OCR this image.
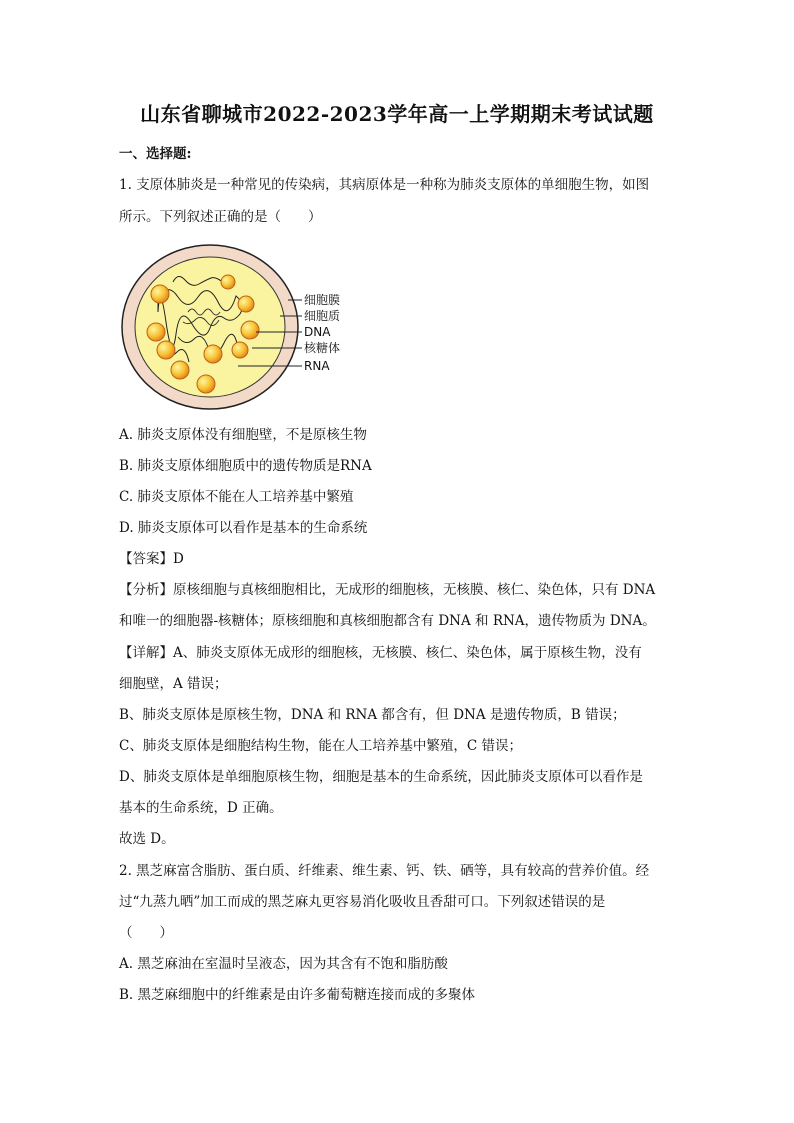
山东省聊城市2022-2023学年高一上学期期末考试试题
一、选择题:
1. 支原体肺炎是一种常见的传染病，其病原体是一种称为肺炎支原体的单细胞生物，如图
所示。下列叙述正确的是（　　）
细胞膜
细胞质
DNA
核糖体
RNA
A. 肺炎支原体没有细胞壁，不是原核生物
B. 肺炎支原体细胞质中的遗传物质是RNA
C. 肺炎支原体不能在人工培养基中繁殖
D. 肺炎支原体可以看作是基本的生命系统
【答案】D
【分析】原核细胞与真核细胞相比，无成形的细胞核，无核膜、核仁、染色体，只有 DNA
和唯一的细胞器-核糖体；原核细胞和真核细胞都含有 DNA 和 RNA，遗传物质为 DNA。
【详解】A、肺炎支原体无成形的细胞核，无核膜、核仁、染色体，属于原核生物，没有
细胞壁，A 错误；
B、肺炎支原体是原核生物，DNA 和 RNA 都含有，但 DNA 是遗传物质，B 错误；
C、肺炎支原体是细胞结构生物，能在人工培养基中繁殖，C 错误；
D、肺炎支原体是单细胞原核生物，细胞是基本的生命系统，因此肺炎支原体可以看作是
基本的生命系统，D 正确。
故选 D。
2. 黑芝麻富含脂肪、蛋白质、纤维素、维生素、钙、铁、硒等，具有较高的营养价值。经
过“九蒸九晒”加工而成的黑芝麻丸更容易消化吸收且香甜可口。下列叙述错误的是
（　　）
A. 黑芝麻油在室温时呈液态，因为其含有不饱和脂肪酸
B. 黑芝麻细胞中的纤维素是由许多葡萄糖连接而成的多聚体
